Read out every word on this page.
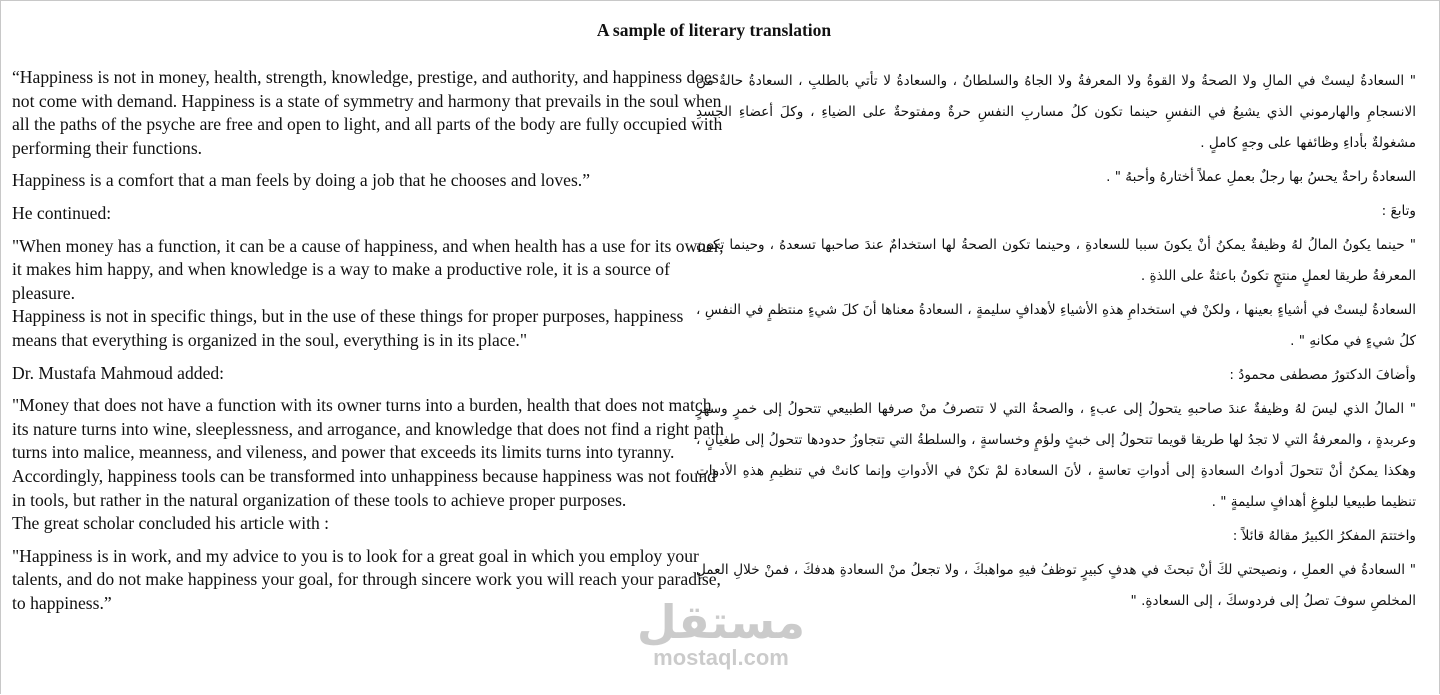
A sample of literary translation

“Happiness is not in money, health, strength, knowledge, prestige, and authority, and happiness does not come with demand. Happiness is a state of symmetry and harmony that prevails in the soul when all the paths of the psyche are free and open to light, and all parts of the body are fully occupied with performing their functions.

Happiness is a comfort that a man feels by doing a job that he chooses and loves.”

He continued:

"When money has a function, it can be a cause of happiness, and when health has a use for its owner, it makes him happy, and when knowledge is a way to make a productive role, it is a source of pleasure.

Happiness is not in specific things, but in the use of these things for proper purposes, happiness means that everything is organized in the soul, everything is in its place."

Dr. Mustafa Mahmoud added:

"Money that does not have a function with its owner turns into a burden, health that does not match its nature turns into wine, sleeplessness, and arrogance, and knowledge that does not find a right path turns into malice, meanness, and vileness, and power that exceeds its limits turns into tyranny. Accordingly, happiness tools can be transformed into unhappiness because happiness was not found in tools, but rather in the natural organization of these tools to achieve proper purposes.

The great scholar concluded his article with :

"Happiness is in work, and my advice to you is to look for a great goal in which you employ your talents, and do not make happiness your goal, for through sincere work you will reach your paradise, to happiness.”

" السعادةُ ليستْ في المالِ ولا الصحةُ ولا القوةُ ولا المعرفةُ ولا الجاهُ والسلطانُ ، والسعادةُ لا تأتي بالطلبِ ، السعادةُ حالةٌ منَ الانسجامِ والهارموني الذي يشيعُ في النفسِ حينما تكون كلُ مساربِ النفسِ حرةٌ ومفتوحةٌ على الضياءِ ، وكلَ أعضاءِ الجسدِ مشغولةٌ بأداءِ وظائفها على وجهٍ كاملٍ .

السعادةُ راحةٌ يحسُ بها رجلٌ بعملِ عملاً أختارهُ وأحبهُ " .

وتابعَ :

" حينما يكونُ المالُ لهُ وظيفةٌ يمكنُ أنْ يكونَ سببا للسعادةِ ، وحينما تكون الصحةُ لها استخدامٌ عندَ صاحبها تسعدهُ ، وحينما تكون المعرفةُ طريقا لعملٍ منتجٍ تكونُ باعثةٌ على اللذةِ .

السعادةُ ليستْ في أشياءٍ بعينها ، ولكنْ في استخدامِ هذهِ الأشياءِ لأهدافٍ سليمةٍ ، السعادةُ معناها أنَ كلَ شيءٍ منتظمٍ في النفسِ ، كلُ شيءٍ في مكانهِ " .

وأضافَ الدكتورُ مصطفى محمودُ :

" المالُ الذي ليسَ لهُ وظيفةٌ عندَ صاحبهِ يتحولُ إلى عبءٍ ، والصحةُ التي لا تتصرفُ منْ صرفها الطبيعي تتحولُ إلى خمرٍ وسهرٍ وعربدةٍ ، والمعرفةُ التي لا تجدُ لها طريقا قويما تتحولُ إلى خبثٍ ولؤمٍ وخساسةٍ ، والسلطةُ التي تتجاوزُ حدودها تتحولُ إلى طغيانٍ ، وهكذا يمكنُ أنْ تتحولَ أدواتُ السعادةِ إلى أدواتِ تعاسةٍ ، لأنَ السعادة لمْ تكنْ في الأدواتِ وإنما كانتْ في تنظيمِ هذهِ الأدواتِ تنظيما طبيعيا لبلوغِ أهدافٍ سليمةٍ " .

واختتمَ المفكرُ الكبيرُ مقالهُ قائلاً :

" السعادةُ في العملِ ، ونصيحتي لكَ أنْ تبحثَ في هدفٍ كبيرٍ توظفُ فيهِ مواهبكَ ، ولا تجعلُ منْ السعادةِ هدفكَ ، فمنْ خلالِ العملِ المخلصِ سوفَ تصلُ إلى فردوسكَ ، إلى السعادةِ. "

مستقل
mostaql.com
